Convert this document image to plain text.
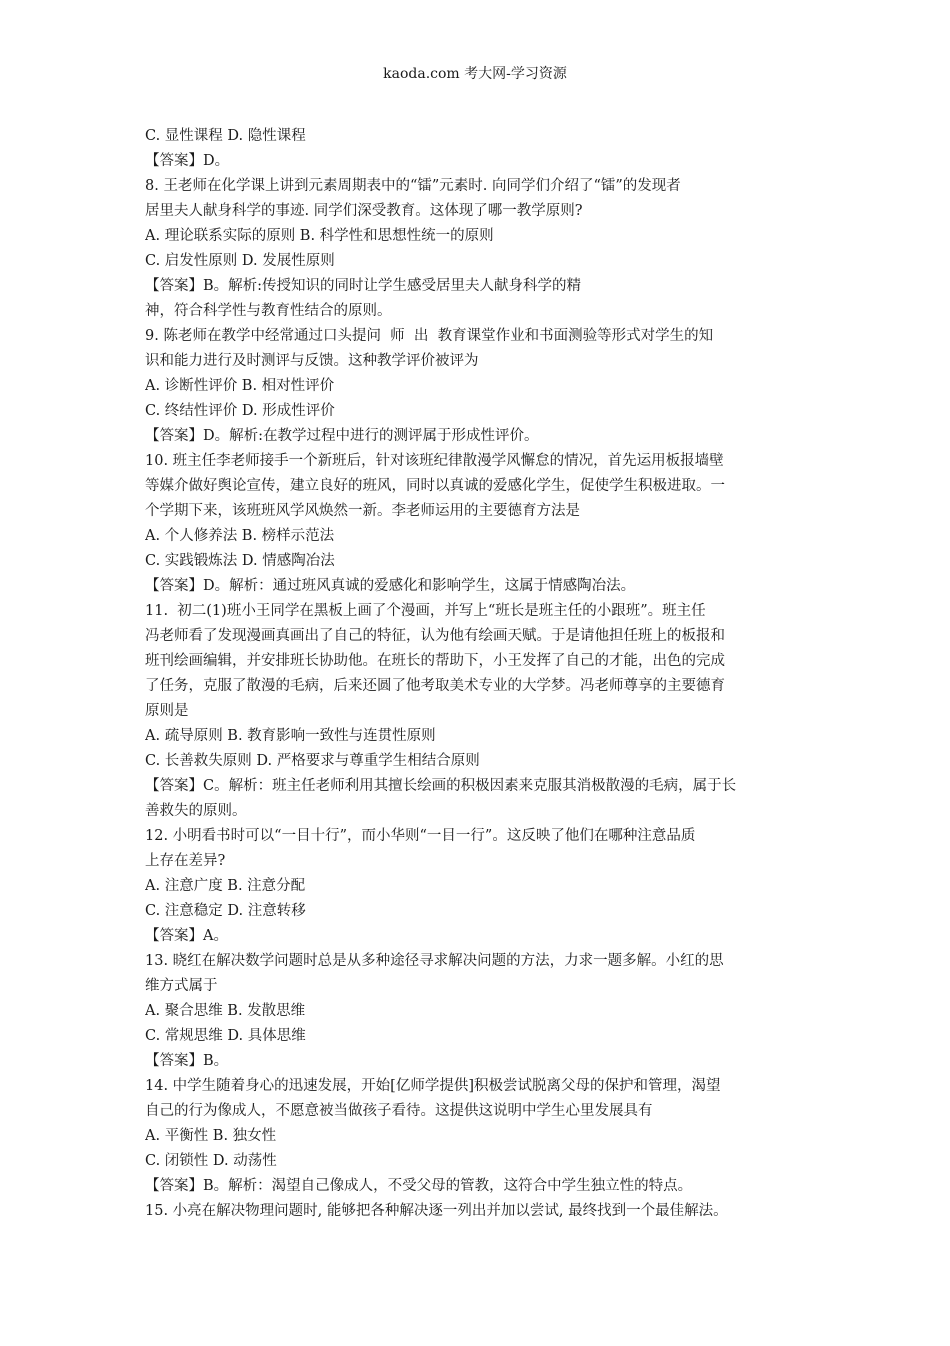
kaoda.com 考大网-学习资源
C. 显性课程 D. 隐性课程
【答案】D。
8. 王老师在化学课上讲到元素周期表中的“镭”元素时. 向同学们介绍了“镭”的发现者
居里夫人献身科学的事迹. 同学们深受教育。这体现了哪一教学原则?
A. 理论联系实际的原则 B. 科学性和思想性统一的原则
C. 启发性原则 D. 发展性原则
【答案】B。解析:传授知识的同时让学生感受居里夫人献身科学的精
神，符合科学性与教育性结合的原则。
9. 陈老师在教学中经常通过口头提问  师  出  教育课堂作业和书面测验等形式对学生的知
识和能力进行及时测评与反馈。这种教学评价被评为
A. 诊断性评价 B. 相对性评价
C. 终结性评价 D. 形成性评价
【答案】D。解析:在教学过程中进行的测评属于形成性评价。
10. 班主任李老师接手一个新班后，针对该班纪律散漫学风懈怠的情况，首先运用板报墙壁
等媒介做好舆论宣传，建立良好的班风，同时以真诚的爱感化学生，促使学生积极进取。一
个学期下来，该班班风学风焕然一新。李老师运用的主要德育方法是
A. 个人修养法 B. 榜样示范法
C. 实践锻炼法 D. 情感陶冶法
【答案】D。解析：通过班风真诚的爱感化和影响学生，这属于情感陶冶法。
11.  初二(1)班小王同学在黑板上画了个漫画，并写上“班长是班主任的小跟班”。班主任
冯老师看了发现漫画真画出了自己的特征，认为他有绘画天赋。于是请他担任班上的板报和
班刊绘画编辑，并安排班长协助他。在班长的帮助下，小王发挥了自己的才能，出色的完成
了任务，克服了散漫的毛病，后来还圆了他考取美术专业的大学梦。冯老师尊享的主要德育
原则是
A. 疏导原则 B. 教育影响一致性与连贯性原则
C. 长善救失原则 D. 严格要求与尊重学生相结合原则
【答案】C。解析：班主任老师利用其擅长绘画的积极因素来克服其消极散漫的毛病，属于长
善救失的原则。
12. 小明看书时可以“一目十行”，而小华则“一目一行”。这反映了他们在哪种注意品质
上存在差异?
A. 注意广度 B. 注意分配
C. 注意稳定 D. 注意转移
【答案】A。
13. 晓红在解决数学问题时总是从多种途径寻求解决问题的方法，力求一题多解。小红的思
维方式属于
A. 聚合思维 B. 发散思维
C. 常规思维 D. 具体思维
【答案】B。
14. 中学生随着身心的迅速发展，开始[亿师学提供]积极尝试脱离父母的保护和管理，渴望
自己的行为像成人，不愿意被当做孩子看待。这提供这说明中学生心里发展具有
A. 平衡性 B. 独女性
C. 闭锁性 D. 动荡性
【答案】B。解析：渴望自己像成人，不受父母的管教，这符合中学生独立性的特点。
15. 小亮在解决物理问题时, 能够把各种解决逐一列出并加以尝试, 最终找到一个最佳解法。
